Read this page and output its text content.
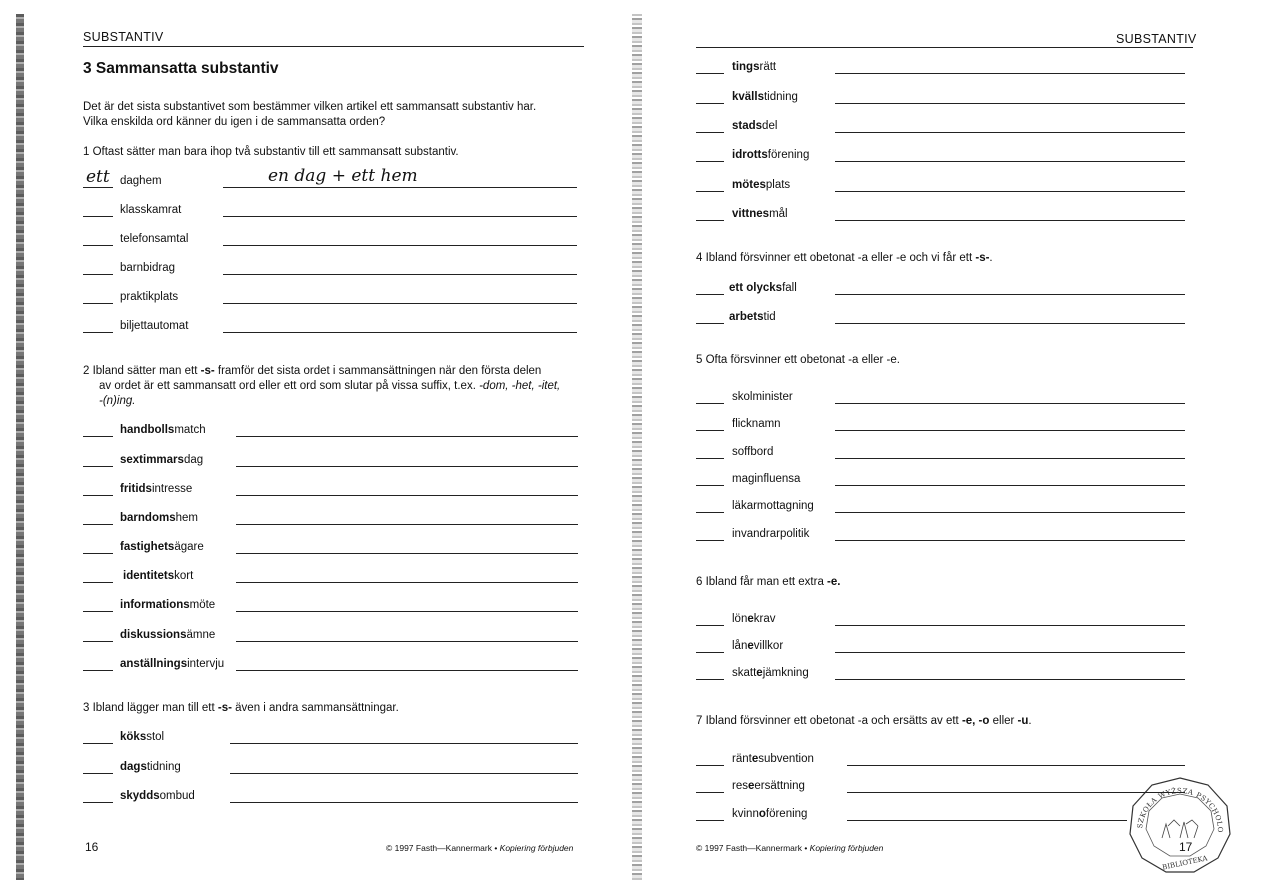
SUBSTANTIV
3 Sammansatta substantiv
Det är det sista substantivet som bestämmer vilken artikel ett sammansatt substantiv har.
Vilka enskilda ord känner du igen i de sammansatta orden?
1 Oftast sätter man bara ihop två substantiv till ett sammansatt substantiv.
2 Ibland sätter man ett -s- framför det sista ordet i sammansättningen när den första delen
av ordet är ett sammansatt ord eller ett ord som slutar på vissa suffix, t.ex. -dom, -het, -itet,
-(n)ing.
3 Ibland lägger man till ett -s- även i andra sammansättningar.
16	© 1997 Fasth—Kannermark • Kopiering förbjuden
SUBSTANTIV
4 Ibland försvinner ett obetonat -a eller -e och vi får ett -s-.
5 Ofta försvinner ett obetonat -a eller -e.
6 Ibland får man ett extra -e.
7 Ibland försvinner ett obetonat -a och ersätts av ett -e, -o eller -u.
© 1997 Fasth—Kannermark • Kopiering förbjuden
SZKOŁA WYŻSZA PSYCHOLO
BIBLIOTEKA
17
daghem
klasskamrat
telefonsamtal
barnbidrag
praktikplats
biljettautomat
ett	en dag + ett hem
handbollsmatch
sextimmarsdag
fritidsintresse
barndomshem
fastighetsägare
identitetskort
informationsmöte
diskussionsämne
anställningsintervju
köksstol
dagstidning
skyddsombud
tingsrätt
kvällstidning
stadsdel
idrottsförening
mötesplats
vittnesmål
ett olycksfall
arbetstid
skolminister
flicknamn
soffbord
maginfluensa
läkarmottagning
invandrarpolitik
lönekrav
lånevillkor
skattejämkning
räntesubvention
reseersättning
kvinnoförening
